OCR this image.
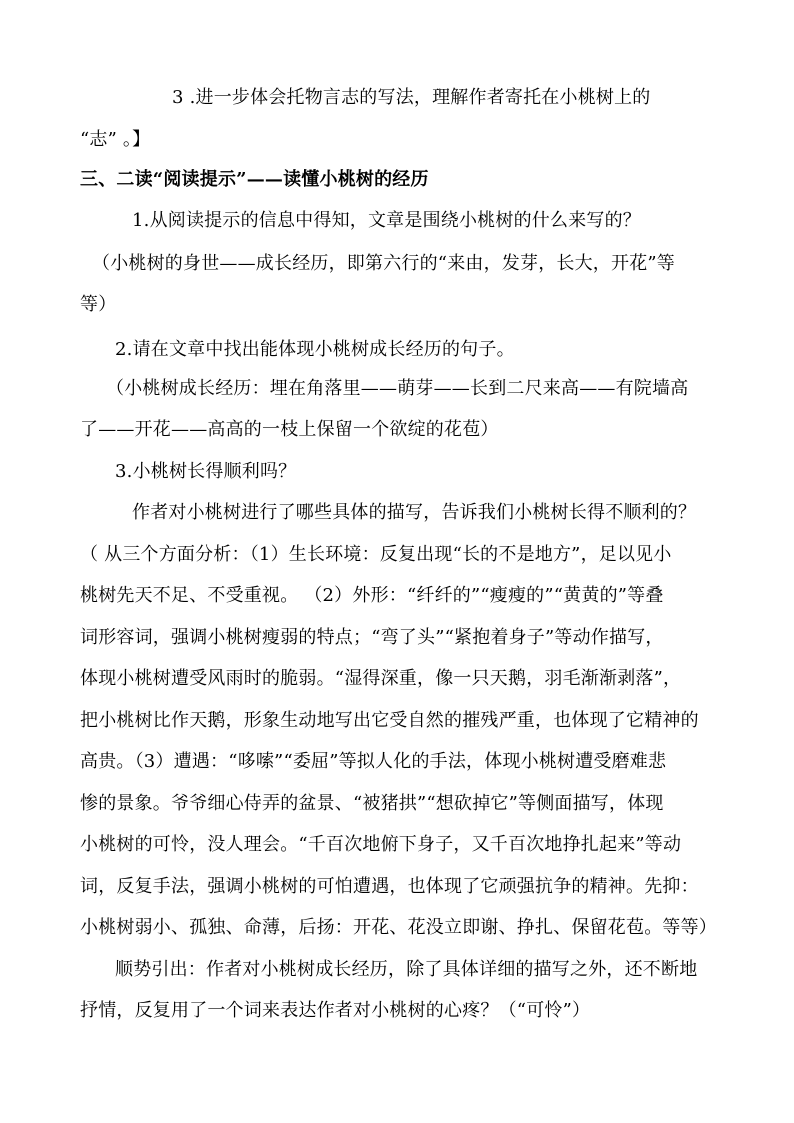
3 .进一步体会托物言志的写法，理解作者寄托在小桃树上的
“志” 。】
三、二读“阅读提示”——读懂小桃树的经历
1.从阅读提示的信息中得知，文章是围绕小桃树的什么来写的？
（小桃树的身世——成长经历，即第六行的“来由，发芽，长大，开花”等
等）
2.请在文章中找出能体现小桃树成长经历的句子。
（小桃树成长经历：埋在角落里——萌芽——长到二尺来高——有院墙高
了——开花——高高的一枝上保留一个欲绽的花苞）
3.小桃树长得顺利吗？
作者对小桃树进行了哪些具体的描写，告诉我们小桃树长得不顺利的？
（ 从三个方面分析：（1）生长环境：反复出现“长的不是地方”，足以见小
桃树先天不足、不受重视。 （2）外形：“纤纤的”“瘦瘦的”“黄黄的”等叠
词形容词，强调小桃树瘦弱的特点；“弯了头”“紧抱着身子”等动作描写，
体现小桃树遭受风雨时的脆弱。“湿得深重，像一只天鹅，羽毛渐渐剥落”，
把小桃树比作天鹅，形象生动地写出它受自然的摧残严重，也体现了它精神的
高贵。（3）遭遇：“哆嗦”“委屈”等拟人化的手法，体现小桃树遭受磨难悲
惨的景象。爷爷细心侍弄的盆景、“被猪拱”“想砍掉它”等侧面描写，体现
小桃树的可怜，没人理会。“千百次地俯下身子，又千百次地挣扎起来”等动
词，反复手法，强调小桃树的可怕遭遇，也体现了它顽强抗争的精神。先抑：
小桃树弱小、孤独、命薄，后扬：开花、花没立即谢、挣扎、保留花苞。等等）
顺势引出：作者对小桃树成长经历，除了具体详细的描写之外，还不断地
抒情，反复用了一个词来表达作者对小桃树的心疼？（“可怜”）
